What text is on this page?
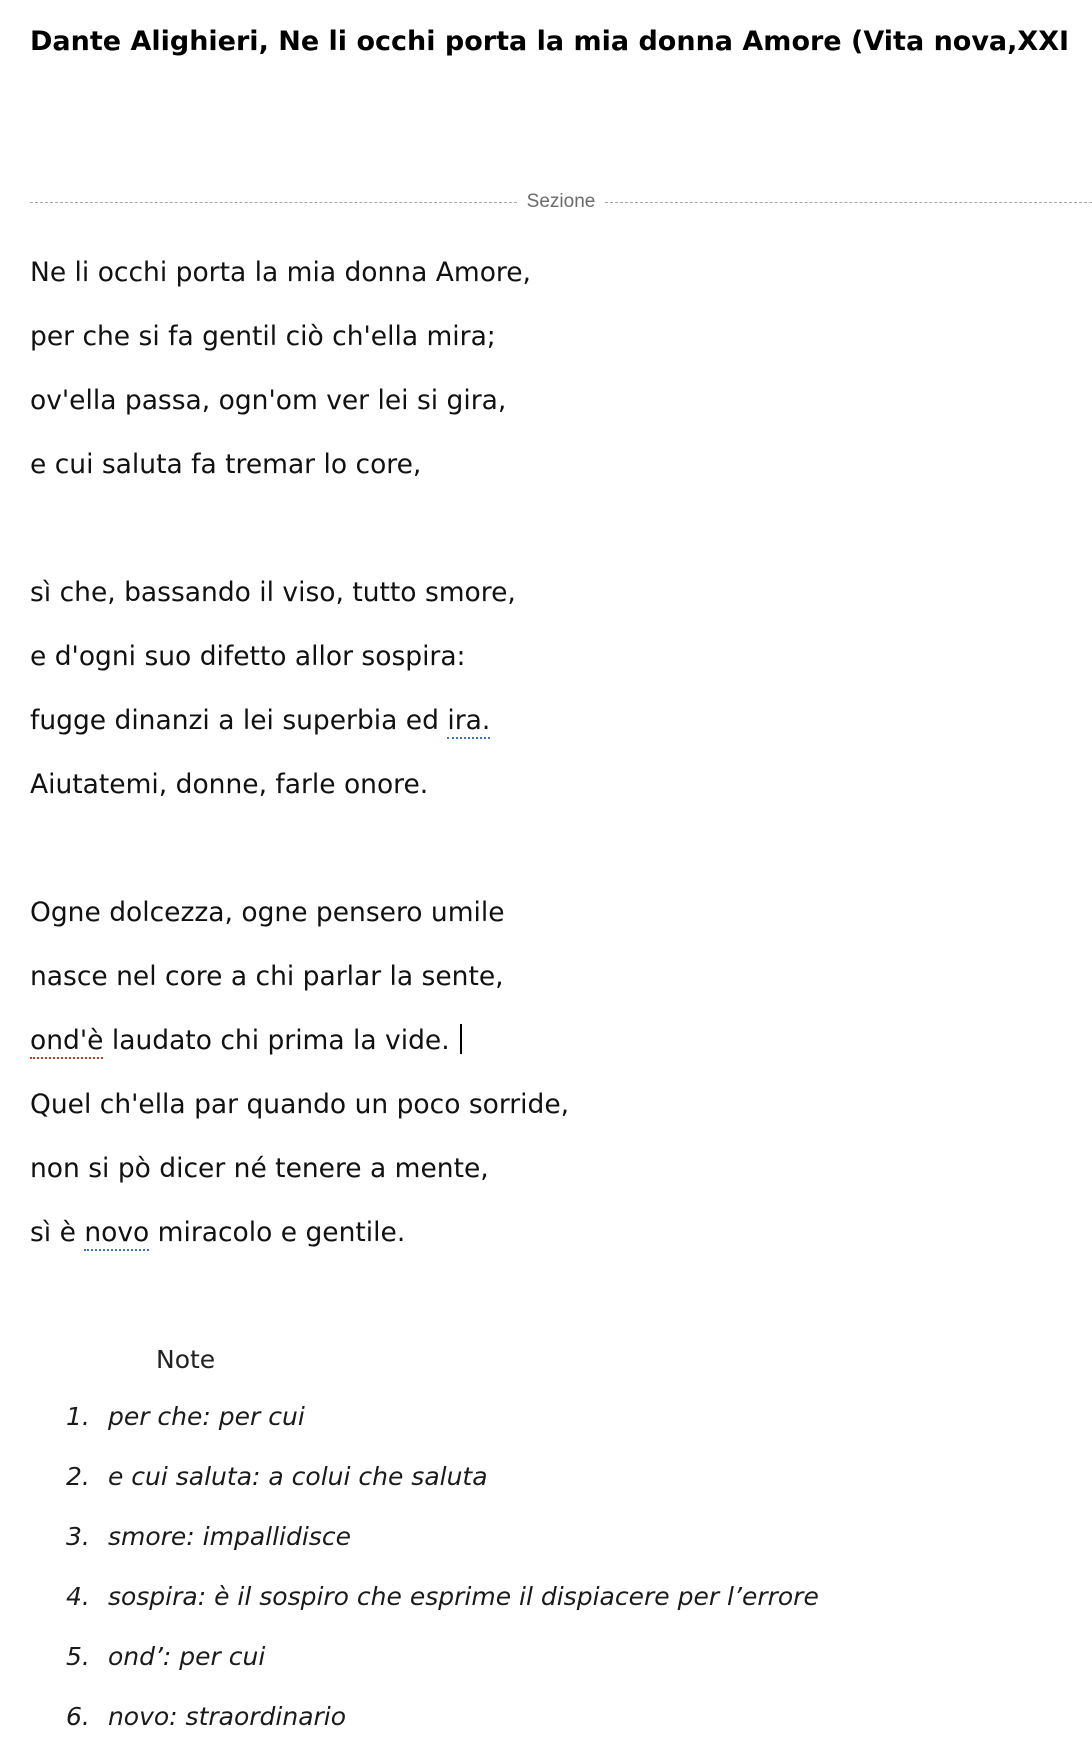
Dante Alighieri, Ne li occhi porta la mia donna Amore (Vita nova,XXI
Sezione
Ne li occhi porta la mia donna Amore,
per che si fa gentil ciò ch'ella mira;
ov'ella passa, ogn'om ver lei si gira,
e cui saluta fa tremar lo core,
sì che, bassando il viso, tutto smore,
e d'ogni suo difetto allor sospira:
fugge dinanzi a lei superbia ed ira.
Aiutatemi, donne, farle onore.
Ogne dolcezza, ogne pensero umile
nasce nel core a chi parlar la sente,
ond'è laudato chi prima la vide.
Quel ch'ella par quando un poco sorride,
non si pò dicer né tenere a mente,
sì è novo miracolo e gentile.
Note
1. per che: per cui
2. e cui saluta: a colui che saluta
3. smore: impallidisce
4. sospira: è il sospiro che esprime il dispiacere per l’errore
5. ond’: per cui
6. novo: straordinario
